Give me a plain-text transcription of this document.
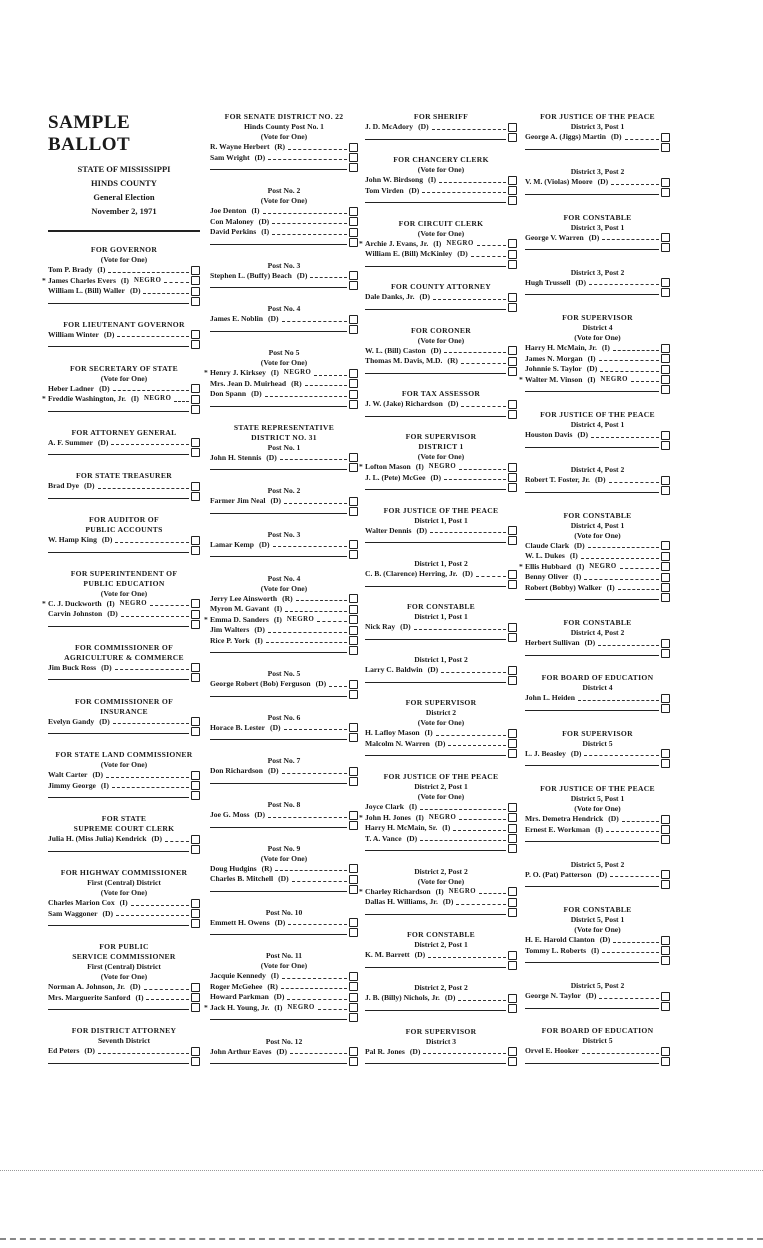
SAMPLE BALLOT
STATE OF MISSISSIPPI
HINDS COUNTY
General Election
November 2, 1971
FOR GOVERNOR
(Vote for One)
Tom P. Brady (I)
* James Charles Evers (I) NEGRO
William L. (Bill) Waller (D)
FOR LIEUTENANT GOVERNOR
William Winter (D)
FOR SECRETARY OF STATE
(Vote for One)
Heber Ladner (D)
* Freddie Washington, Jr. (I) NEGRO
FOR ATTORNEY GENERAL
A. F. Summer (D)
FOR STATE TREASURER
Brad Dye (D)
FOR AUDITOR OF
PUBLIC ACCOUNTS
W. Hamp King (D)
FOR SUPERINTENDENT OF
PUBLIC EDUCATION
(Vote for One)
* C. J. Duckworth (I) NEGRO
Carvin Johnston (D)
FOR COMMISSIONER OF
AGRICULTURE & COMMERCE
Jim Buck Ross (D)
FOR COMMISSIONER OF
INSURANCE
Evelyn Gandy (D)
FOR STATE LAND COMMISSIONER
(Vote for One)
Walt Carter (D)
Jimmy George (I)
FOR STATE
SUPREME COURT CLERK
Julia H. (Miss Julia) Kendrick (D)
FOR HIGHWAY COMMISSIONER
First (Central) District
(Vote for One)
Charles Marion Cox (I)
Sam Waggoner (D)
FOR PUBLIC
SERVICE COMMISSIONER
First (Central) District
(Vote for One)
Norman A. Johnson, Jr. (D)
Mrs. Marguerite Sanford (I)
FOR DISTRICT ATTORNEY
Seventh District
Ed Peters (D)
FOR SENATE DISTRICT NO. 22
Hinds County Post No. 1
(Vote for One)
R. Wayne Herbert (R)
Sam Wright (D)
Post No. 2
(Vote for One)
Joe Denton (I)
Con Maloney (D)
David Perkins (I)
Post No. 3
Stephen L. (Buffy) Beach (D)
Post No. 4
James E. Noblin (D)
Post No 5
(Vote for One)
* Henry J. Kirksey (I) NEGRO
Mrs. Jean D. Muirhead (R)
Don Spann (D)
STATE REPRESENTATIVE
DISTRICT NO. 31
Post No. 1
John H. Stennis (D)
Post No. 2
Farmer Jim Neal (D)
Post No. 3
Lamar Kemp (D)
Post No. 4
(Vote for One)
Jerry Lee Ainsworth (R)
Myron M. Gavant (I)
* Emma D. Sanders (I) NEGRO
Jim Walters (D)
Rice P. York (I)
Post No. 5
George Robert (Bob) Ferguson (D)
Post No. 6
Horace B. Lester (D)
Post No. 7
Don Richardson (D)
Post No. 8
Joe G. Moss (D)
Post No. 9
(Vote for One)
Doug Hudgins (R)
Charles B. Mitchell (D)
Post No. 10
Emmett H. Owens (D)
Post No. 11
(Vote for One)
Jacquie Kennedy (I)
Roger McGehee (R)
Howard Parkman (D)
* Jack H. Young, Jr. (I) NEGRO
Post No. 12
John Arthur Eaves (D)
FOR SHERIFF
J. D. McAdory (D)
FOR CHANCERY CLERK
(Vote for One)
John W. Birdsong (I)
Tom Virden (D)
FOR CIRCUIT CLERK
(Vote for One)
* Archie J. Evans, Jr. (I) NEGRO
William E. (Bill) McKinley (D)
FOR COUNTY ATTORNEY
Dale Danks, Jr. (D)
FOR CORONER
(Vote for One)
W. L. (Bill) Caston (D)
Thomas M. Davis, M.D. (R)
FOR TAX ASSESSOR
J. W. (Jake) Richardson (D)
FOR SUPERVISOR
DISTRICT 1
(Vote for One)
* Lofton Mason (I) NEGRO
J. L. (Pete) McGee (D)
FOR JUSTICE OF THE PEACE
District 1, Post 1
Walter Dennis (D)
District 1, Post 2
C. B. (Clarence) Herring, Jr. (D)
FOR CONSTABLE
District 1, Post 1
Nick Ray (D)
District 1, Post 2
Larry C. Baldwin (D)
FOR SUPERVISOR
District 2
(Vote for One)
H. Lafloy Mason (I)
Malcolm N. Warren (D)
FOR JUSTICE OF THE PEACE
District 2, Post 1
(Vote for One)
Joyce Clark (I)
* John H. Jones (I) NEGRO
Harry H. McMain, Sr. (I)
T. A. Vance (D)
District 2, Post 2
(Vote for One)
* Charley Richardson (I) NEGRO
Dallas H. Williams, Jr. (D)
FOR CONSTABLE
District 2, Post 1
K. M. Barrett (D)
District 2, Post 2
J. B. (Billy) Nichols, Jr. (D)
FOR SUPERVISOR
District 3
Pal R. Jones (D)
FOR JUSTICE OF THE PEACE
District 3, Post 1
George A. (Jiggs) Martin (D)
District 3, Post 2
V. M. (Violas) Moore (D)
FOR CONSTABLE
District 3, Post 1
George V. Warren (D)
District 3, Post 2
Hugh Trussell (D)
FOR SUPERVISOR
District 4
(Vote for One)
Harry H. McMain, Jr. (I)
James N. Morgan (I)
Johnnie S. Taylor (D)
* Walter M. Vinson (I) NEGRO
FOR JUSTICE OF THE PEACE
District 4, Post 1
Houston Davis (D)
District 4, Post 2
Robert T. Foster, Jr. (D)
FOR CONSTABLE
District 4, Post 1
(Vote for One)
Claude Clark (D)
W. L. Dukes (I)
* Ellis Hubbard (I) NEGRO
Benny Oliver (I)
Robert (Bobby) Walker (I)
FOR CONSTABLE
District 4, Post 2
Herbert Sullivan (D)
FOR BOARD OF EDUCATION
District 4
John L. Heiden
FOR SUPERVISOR
District 5
L. J. Beasley (D)
FOR JUSTICE OF THE PEACE
District 5, Post 1
(Vote for One)
Mrs. Demetra Hendrick (D)
Ernest E. Workman (I)
District 5, Post 2
P. O. (Pat) Patterson (D)
FOR CONSTABLE
District 5, Post 1
(Vote for One)
H. E. Harold Clanton (D)
Tommy L. Roberts (I)
District 5, Post 2
George N. Taylor (D)
FOR BOARD OF EDUCATION
District 5
Orvel E. Hooker
